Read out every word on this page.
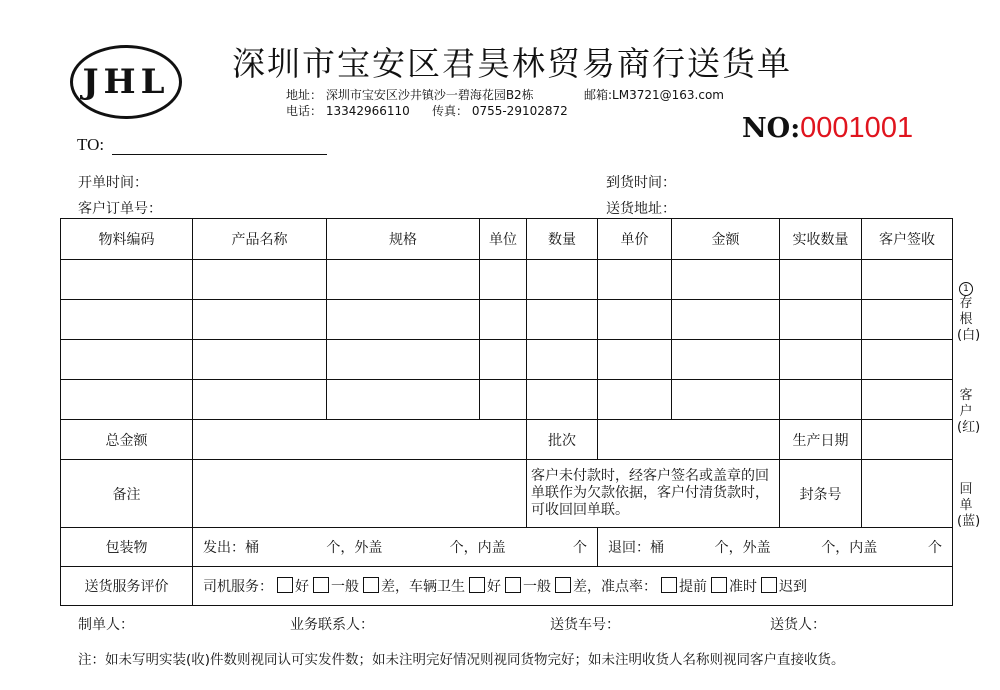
JHL 深圳市宝安区君昊林贸易商行送货单
地址： 深圳市宝安区沙井镇沙一碧海花园B2栋	邮箱:LM3721@163.com
电话： 13342966110 传真： 0755-29102872
NO:0001001
TO:
开单时间：
客户订单号：
到货时间：
送货地址：
物料编码	产品名称	规格	单位	数量	单价	金额	实收数量	客户签收

总金额				批次			生产日期	
备注				客户未付款时，经客户签名或盖章的回单联作为欠款依据，客户付清货款时，可收回回单联。			封条号	
包装物	发出：桶 个，外盖 个，内盖 个				退回：桶 个，外盖 个，内盖 个			

送货服务评价	司机服务： 好 一般 差，车辆卫生 好 一般 差，准点率： 提前 准时 迟到							
1
存根(白)
客户(红)
回单(蓝)
制单人：	业务联系人：	送货车号：	送货人：
注：如未写明实装(收)件数则视同认可实发件数；如未注明完好情况则视同货物完好；如未注明收货人名称则视同客户直接收货。
